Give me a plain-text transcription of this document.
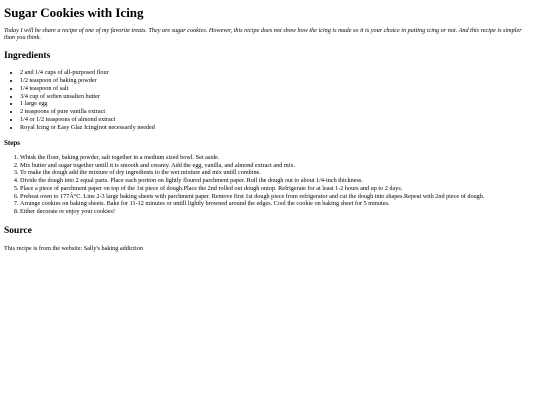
Sugar Cookies with Icing

Today I will be share a recipe of one of my favorite treats. They are sugar cookies. However, this recipe does not show how the icing is made so it is your choice in putting icing or not. And this recipe is simpler than you think.

Ingredients
• 2 and 1/4 cups of all-purposed flour
• 1/2 teaspoon of baking powder
• 1/4 teaspoon of salt
• 3/4 cup of soften unsalten butter
• 1 large egg
• 2 teaspoons of pure vanilla extract
• 1/4 or 1/2 teaspoons of almond extract
• Royal Icing or Easy Glaz Icing(not necessarily needed
Steps
1. Whisk the flour, baking powder, salt together in a medium sized bowl. Set aside.
2. Mix butter and sugar together untill it is smooth and creamy. Add the egg, vanilla, and almond extract and mix.
3. To make the dough add the mixture of dry ingredients to the wet mixture and mix untill combine.
4. Divide the dough into 2 equal parts. Place each portion on lightly floured parchment paper. Roll the dough out to about 1/4-inch thickness.
5. Place a piece of parchment paper on top of the 1st piece of dough.Place the 2nd rolled out dough ontop. Refrigerate for at least 1-2 hours and up to 2 days.
6. Preheat oven to 177Â°C. Line 2-3 large baking sheets with parchment paper. Remove first 1st dough piece from refrigerator and cut the dough into shapes.Repeat with 2nd piece of dough.
7. Arrange cookies on baking sheets. Bake for 11-12 minutes or untill lightly browned around the edges. Cool the cookie on baking sheet for 5 minutes.
8. Either decorate or enjoy your cookies!
Source

This recipe is from the website: Sally's baking addiction
